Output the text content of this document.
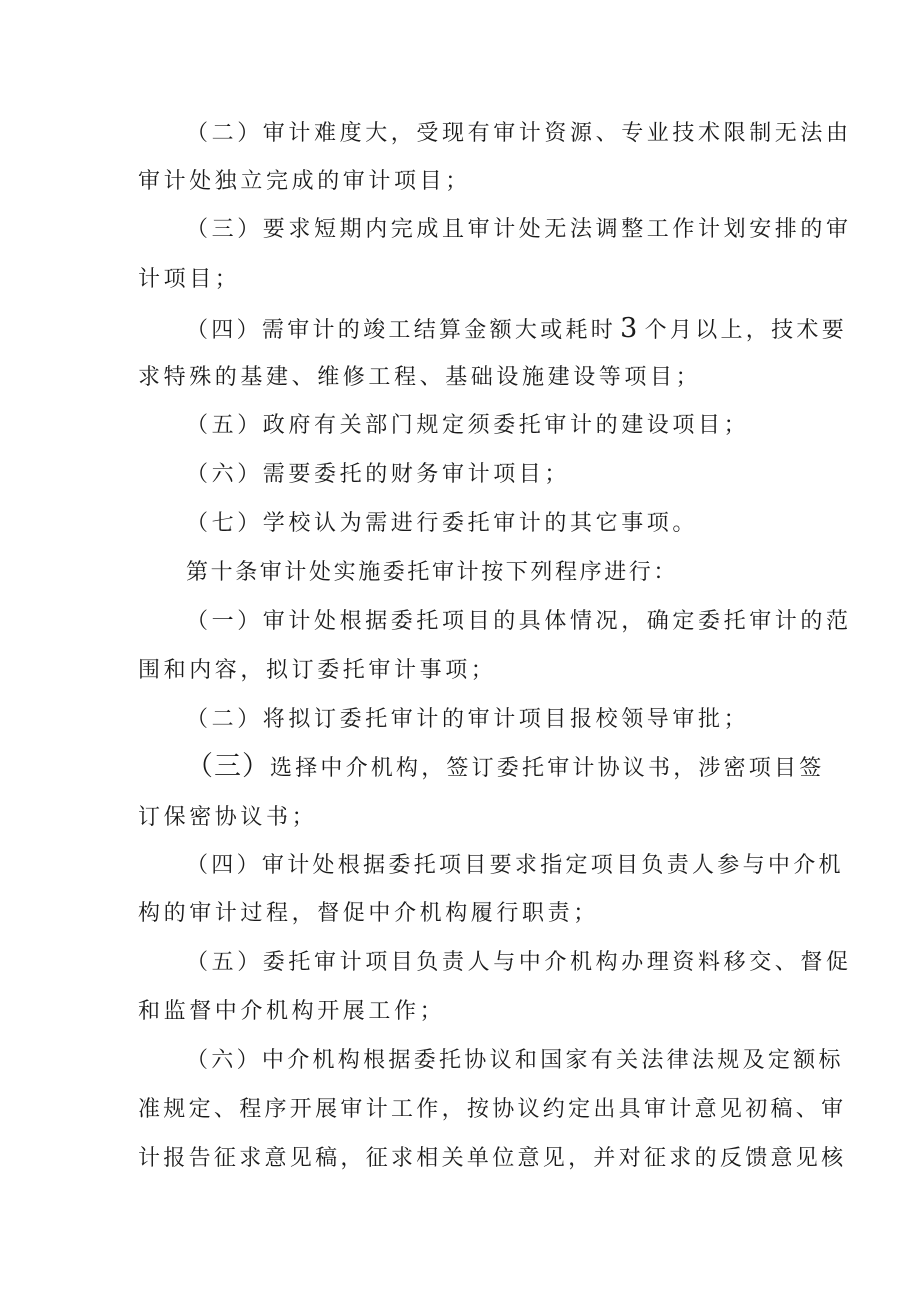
（二）审计难度大，受现有审计资源、专业技术限制无法由
审计处独立完成的审计项目；
（三）要求短期内完成且审计处无法调整工作计划安排的审
计项目；
（四）需审计的竣工结算金额大或耗时 3 个月以上，技术要
求特殊的基建、维修工程、基础设施建设等项目；
（五）政府有关部门规定须委托审计的建设项目；
（六）需要委托的财务审计项目；
（七）学校认为需进行委托审计的其它事项。
第十条审计处实施委托审计按下列程序进行：
（一）审计处根据委托项目的具体情况，确定委托审计的范
围和内容，拟订委托审计事项；
（二）将拟订委托审计的审计项目报校领导审批；
（三）选择中介机构，签订委托审计协议书，涉密项目签
订保密协议书；
（四）审计处根据委托项目要求指定项目负责人参与中介机
构的审计过程，督促中介机构履行职责；
（五）委托审计项目负责人与中介机构办理资料移交、督促
和监督中介机构开展工作；
（六）中介机构根据委托协议和国家有关法律法规及定额标
准规定、程序开展审计工作，按协议约定出具审计意见初稿、审
计报告征求意见稿，征求相关单位意见，并对征求的反馈意见核
